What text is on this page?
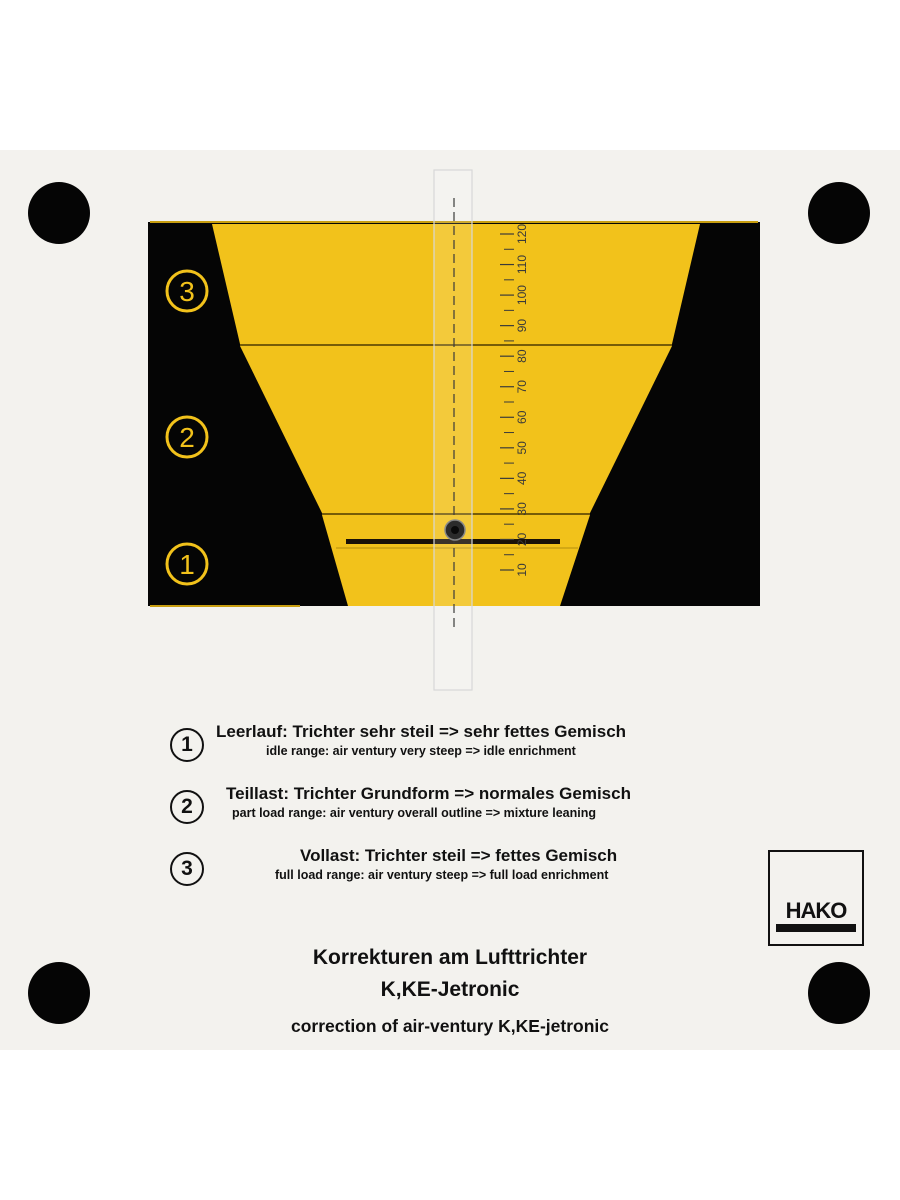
3
2
1	10
20
30
40
50
60
70
80
90
100
110
120
1
Leerlauf: Trichter sehr steil => sehr fettes Gemisch
idle range: air ventury very steep => idle enrichment
2
Teillast: Trichter Grundform => normales Gemisch
part load range: air ventury overall outline => mixture leaning
3
Vollast: Trichter steil => fettes Gemisch
full load range: air ventury steep => full load enrichment
HAKO
Korrekturen am Lufttrichter
K,KE-Jetronic
correction of air-ventury K,KE-jetronic
